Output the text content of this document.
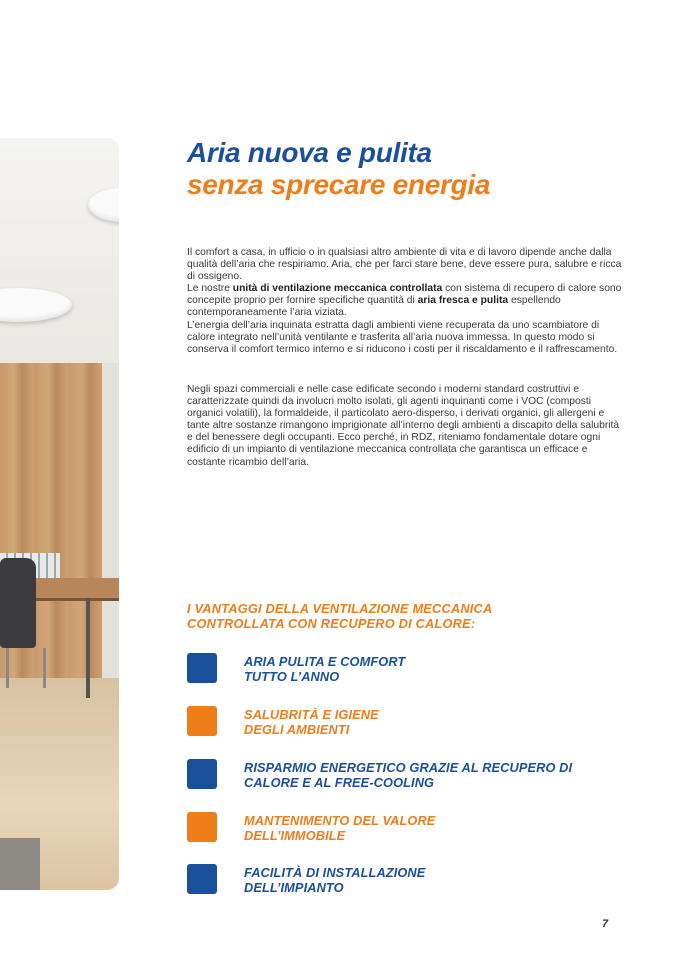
Aria nuova e pulita
senza sprecare energia

Il comfort a casa, in ufficio o in qualsiasi altro ambiente di vita e di lavoro dipende anche dalla qualità dell’aria che respiriamo. Aria, che per farci stare bene, deve essere pura, salubre e ricca di ossigeno.
Le nostre unità di ventilazione meccanica controllata con sistema di recupero di calore sono concepite proprio per fornire specifiche quantità di aria fresca e pulita espellendo contemporaneamente l’aria viziata.
L’energia dell’aria inquinata estratta dagli ambienti viene recuperata da uno scambiatore di calore integrato nell’unità ventilante e trasferita all’aria nuova immessa. In questo modo si conserva il comfort termico interno e si riducono i costi per il riscaldamento e il raffrescamento.

Negli spazi commerciali e nelle case edificate secondo i moderni standard costruttivi e caratterizzate quindi da involucri molto isolati, gli agenti inquinanti come i VOC (composti organici volatili), la formaldeide, il particolato aero-disperso, i derivati organici, gli allergeni e tante altre sostanze rimangono imprigionate all’interno degli ambienti a discapito della salubrità e del benessere degli occupanti. Ecco perché, in RDZ, riteniamo fondamentale dotare ogni edificio di un impianto di ventilazione meccanica controllata che garantisca un efficace e costante ricambio dell’aria.

I VANTAGGI DELLA VENTILAZIONE MECCANICA CONTROLLATA CON RECUPERO DI CALORE:
ARIA PULITA E COMFORT TUTTO L’ANNO
SALUBRITÀ E IGIENE DEGLI AMBIENTI
RISPARMIO ENERGETICO GRAZIE AL RECUPERO DI CALORE E AL FREE-COOLING
MANTENIMENTO DEL VALORE DELL’IMMOBILE
FACILITÀ DI INSTALLAZIONE DELL’IMPIANTO
7
